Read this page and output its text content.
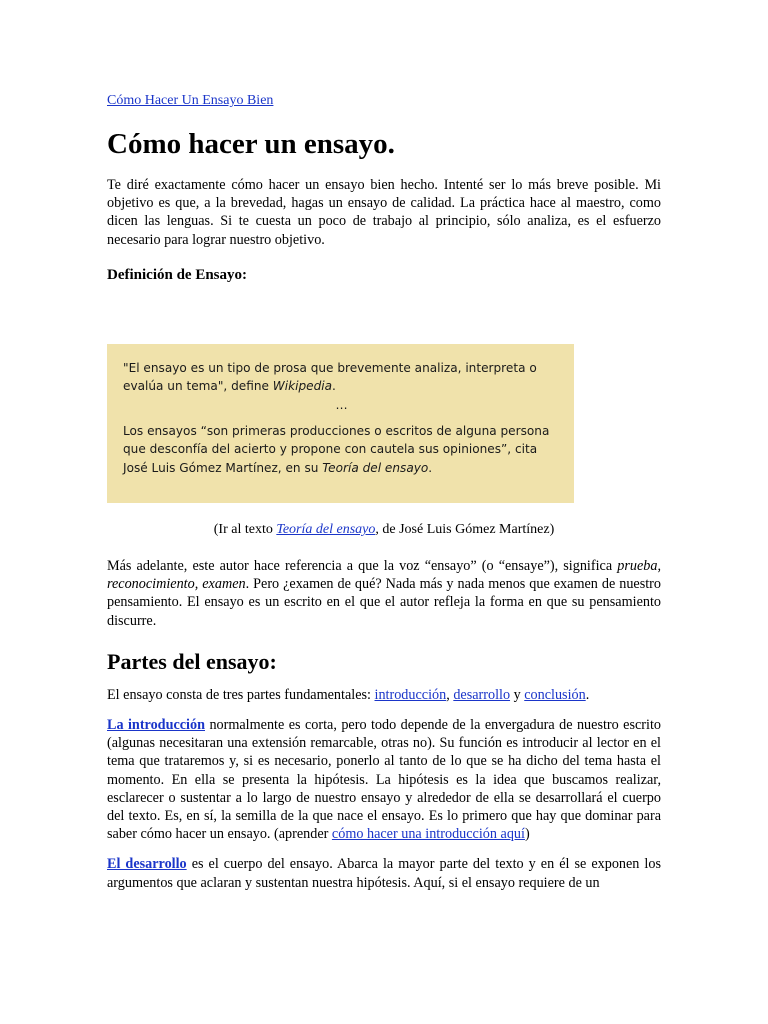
Cómo Hacer Un Ensayo Bien
Cómo hacer un ensayo.

Te diré exactamente cómo hacer un ensayo bien hecho. Intenté ser lo más breve posible. Mi objetivo es que, a la brevedad, hagas un ensayo de calidad. La práctica hace al maestro, como dicen las lenguas. Si te cuesta un poco de trabajo al principio, sólo analiza, es el esfuerzo necesario para lograr nuestro objetivo.

Definición de Ensayo:

"El ensayo es un tipo de prosa que brevemente analiza, interpreta o evalúa un tema", define Wikipedia.

…

Los ensayos “son primeras producciones o escritos de alguna persona que desconfía del acierto y propone con cautela sus opiniones”, cita José Luis Gómez Martínez, en su Teoría del ensayo.

(Ir al texto Teoría del ensayo, de José Luis Gómez Martínez)

Más adelante, este autor hace referencia a que la voz “ensayo” (o “ensaye”), significa prueba, reconocimiento, examen. Pero ¿examen de qué? Nada más y nada menos que examen de nuestro pensamiento. El ensayo es un escrito en el que el autor refleja la forma en que su pensamiento discurre.

Partes del ensayo:

El ensayo consta de tres partes fundamentales: introducción, desarrollo y conclusión.

La introducción normalmente es corta, pero todo depende de la envergadura de nuestro escrito (algunas necesitaran una extensión remarcable, otras no). Su función es introducir al lector en el tema que trataremos y, si es necesario, ponerlo al tanto de lo que se ha dicho del tema hasta el momento. En ella se presenta la hipótesis. La hipótesis es la idea que buscamos realizar, esclarecer o sustentar a lo largo de nuestro ensayo y alrededor de ella se desarrollará el cuerpo del texto. Es, en sí, la semilla de la que nace el ensayo. Es lo primero que hay que dominar para saber cómo hacer un ensayo. (aprender cómo hacer una introducción aquí)

El desarrollo es el cuerpo del ensayo. Abarca la mayor parte del texto y en él se exponen los argumentos que aclaran y sustentan nuestra hipótesis. Aquí, si el ensayo requiere de un
